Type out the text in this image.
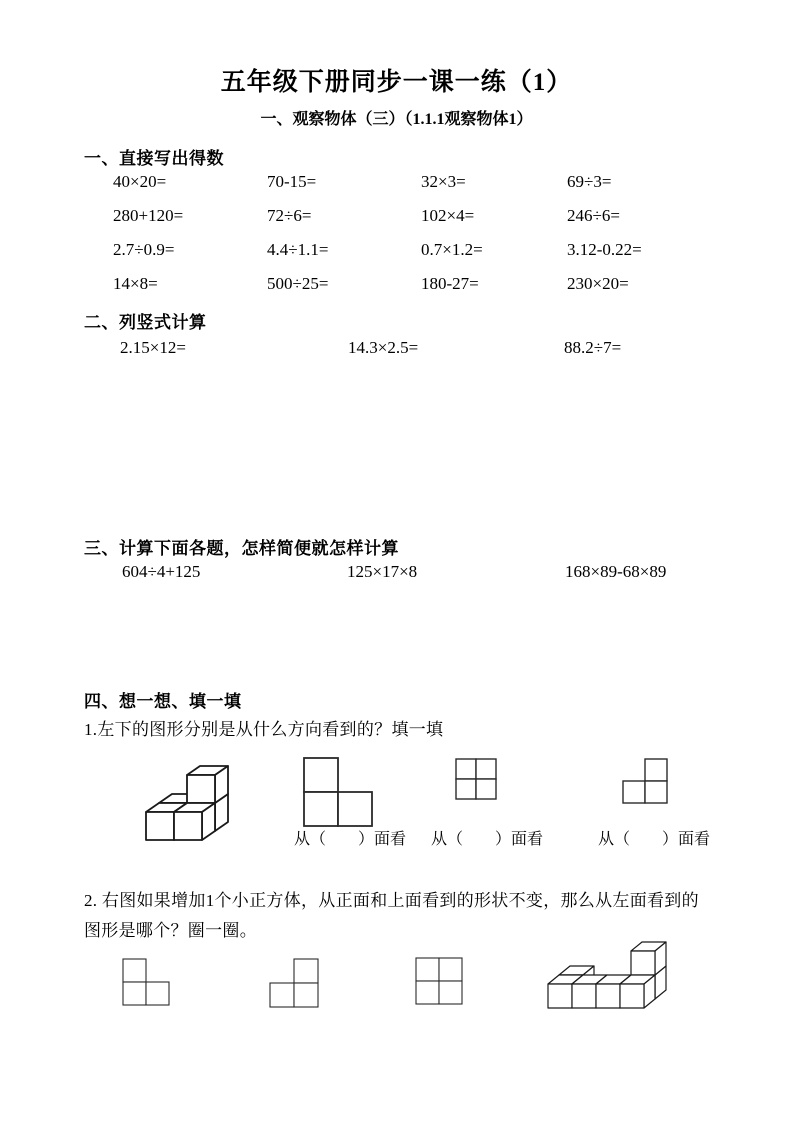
五年级下册同步一课一练（1）
一、观察物体（三）（1.1.1观察物体1）
一、直接写出得数
40×20=	70-15=	32×3=	69÷3=
280+120=	72÷6=	102×4=	246÷6=
2.7÷0.9=	4.4÷1.1=	0.7×1.2=	3.12-0.22=
14×8=	500÷25=	180-27=	230×20=
二、列竖式计算
2.15×12=	14.3×2.5=	88.2÷7=
三、计算下面各题，怎样简便就怎样计算
604÷4+125	125×17×8	168×89-68×89
四、想一想、填一填
1.左下的图形分别是从什么方向看到的？填一填
从（　　）面看 从（　　）面看	从（　　）面看
2. 右图如果增加1个小正方体，从正面和上面看到的形状不变，那么从左面看到的
图形是哪个？圈一圈。
